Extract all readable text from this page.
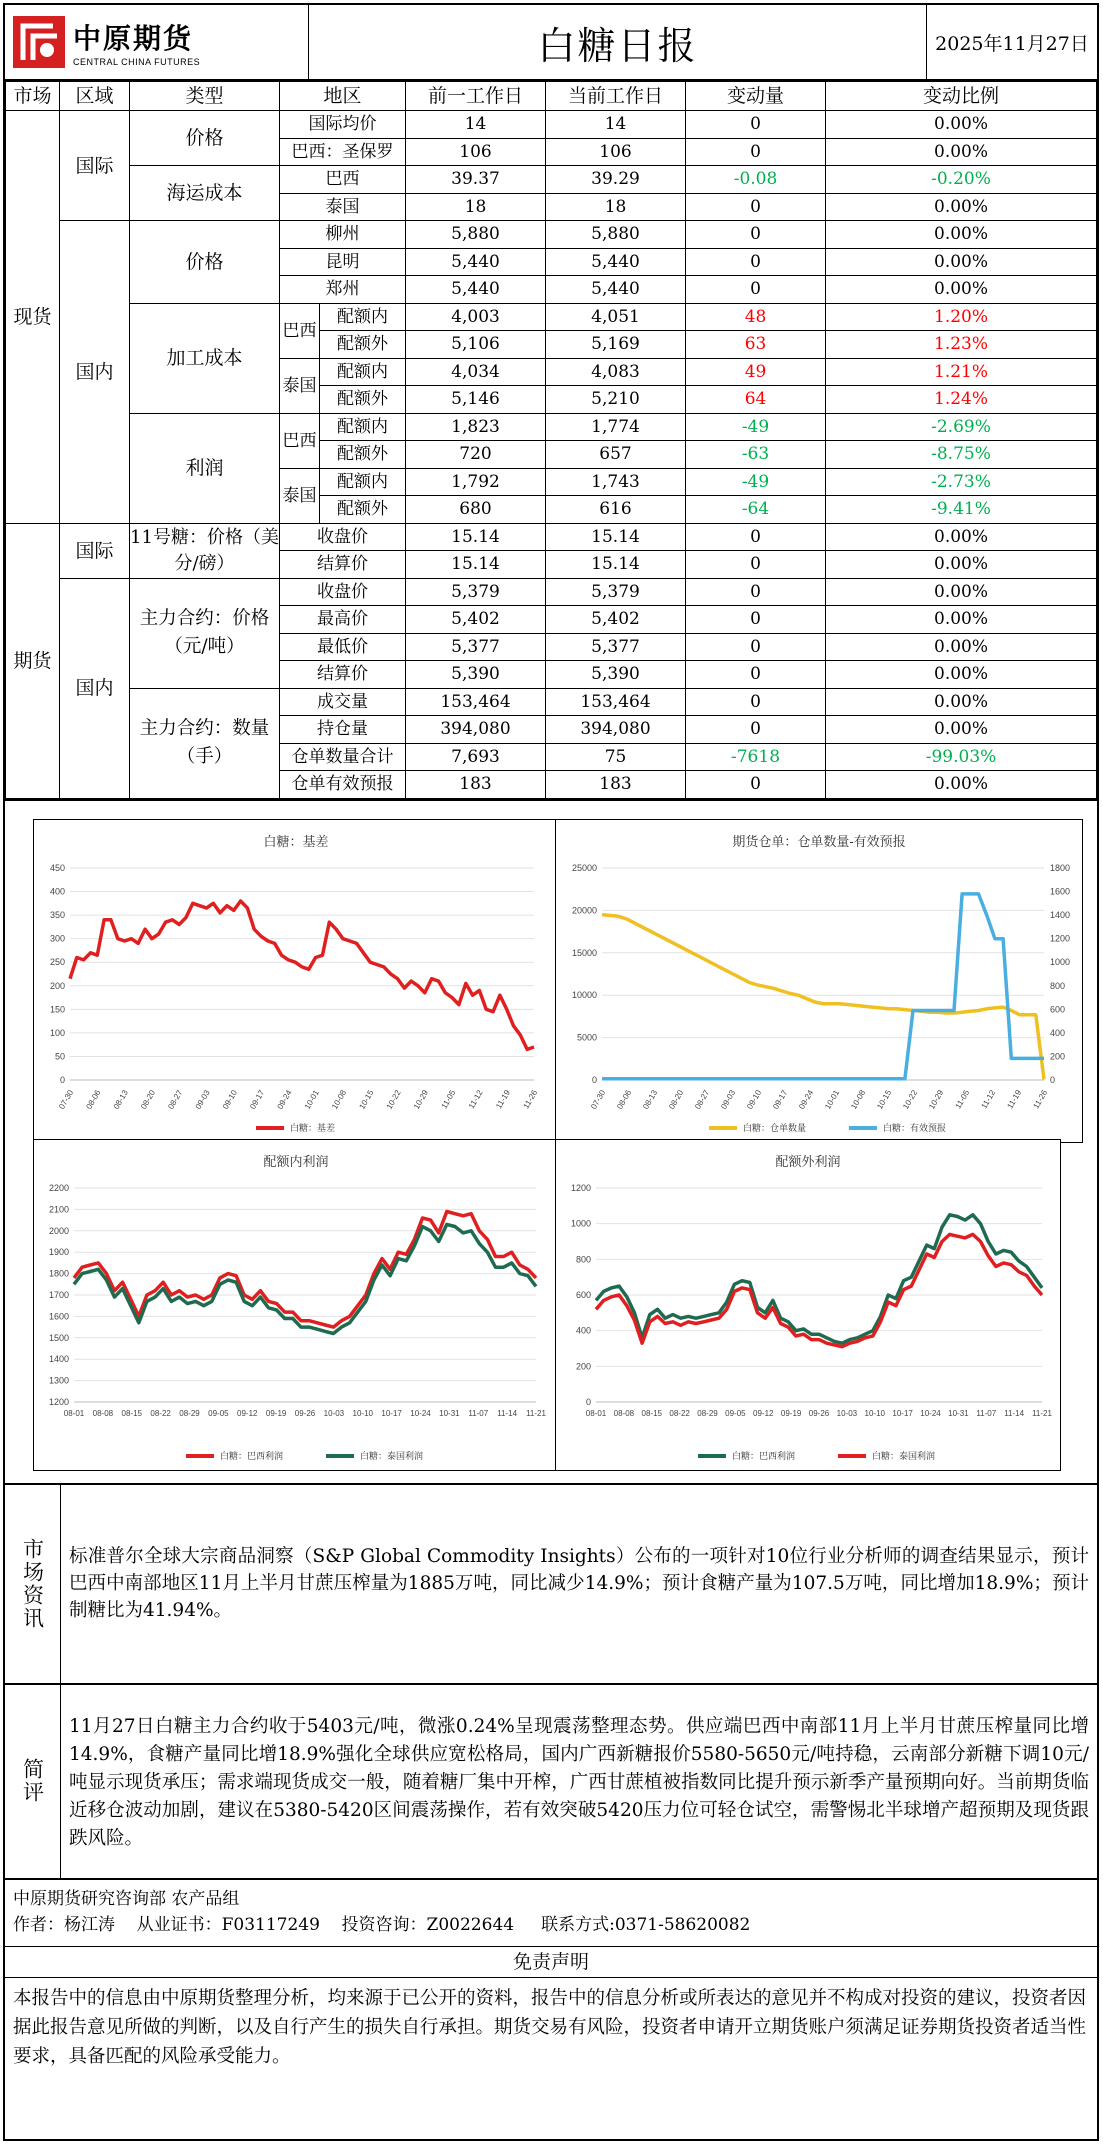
中原期货
CENTRAL CHINA FUTURES	白糖日报	2025年11月27日
市场	区域	类型	地区		前一工作日	当前工作日	变动量	变动比例
现货	国际	价格	国际均价		14	14	0	0.00%
			巴西：圣保罗		106	106	0	0.00%
		海运成本	巴西		39.37	39.29	-0.08	-0.20%
			泰国		18	18	0	0.00%
	国内	价格	柳州		5,880	5,880	0	0.00%
			昆明		5,440	5,440	0	0.00%
			郑州		5,440	5,440	0	0.00%
		加工成本	巴西	配额内	4,003	4,051	48	1.20%
				配额外	5,106	5,169	63	1.23%
			泰国	配额内	4,034	4,083	49	1.21%
				配额外	5,146	5,210	64	1.24%
		利润	巴西	配额内	1,823	1,774	-49	-2.69%
				配额外	720	657	-63	-8.75%
			泰国	配额内	1,792	1,743	-49	-2.73%
				配额外	680	616	-64	-9.41%
期货	国际	11号糖：价格（美分/磅）	收盘价		15.14	15.14	0	0.00%
			结算价		15.14	15.14	0	0.00%
	国内	主力合约：价格（元/吨）	收盘价		5,379	5,379	0	0.00%
			最高价		5,402	5,402	0	0.00%
			最低价		5,377	5,377	0	0.00%
			结算价		5,390	5,390	0	0.00%
		主力合约：数量（手）	成交量		153,464	153,464	0	0.00%
			持仓量		394,080	394,080	0	0.00%
			仓单数量合计		7,693	75	-7618	-99.03%
			仓单有效预报		183	183	0	0.00%
白糖：基差
0
50
100
150
200
250
300
350
400
450
07-30 08-06 08-13 08-20 08-27 09-03 09-10 09-17 09-24 10-01 10-08 10-15 10-22 10-29 11-05 11-12 11-19 11-26
白糖：基差
期货仓单：仓单数量-有效预报
0
5000
10000
15000
20000
25000
0
200
400
600
800
1000
1200
1400
1600
1800
07-30 08-06 08-13 08-20 08-27 09-03 09-10 09-17 09-24 10-01 10-08 10-15 10-22 10-29 11-05 11-12 11-19 11-26
白糖：仓单数量	白糖：有效预报
配额内利润
1200
1300
1400
1500
1600
1700
1800
1900
2000
2100
2200
08-01 08-08 08-15 08-22 08-29 09-05 09-12 09-19 09-26 10-03 10-10 10-17 10-24 10-31 11-07 11-14 11-21
白糖：巴西利润	白糖：泰国利润
配额外利润
0
200
400
600
800
1000
1200
08-01 08-08 08-15 08-22 08-29 09-05 09-12 09-19 09-26 10-03 10-10 10-17 10-24 10-31 11-07 11-14 11-21
白糖：巴西利润	白糖：泰国利润
市场资讯	标准普尔全球大宗商品洞察（S&P Global Commodity Insights）公布的一项针对10位行业分析师的调查结果显示，预计巴西中南部地区11月上半月甘蔗压榨量为1885万吨，同比减少14.9%；预计食糖产量为107.5万吨，同比增加18.9%；预计制糖比为41.94%。
简评
11月27日白糖主力合约收于5403元/吨，微涨0.24%呈现震荡整理态势。供应端巴西中南部11月上半月甘蔗压榨量同比增14.9%，食糖产量同比增18.9%强化全球供应宽松格局，国内广西新糖报价5580-5650元/吨持稳，云南部分新糖下调10元/吨显示现货承压；需求端现货成交一般，随着糖厂集中开榨，广西甘蔗植被指数同比提升预示新季产量预期向好。当前期货临近移仓波动加剧，建议在5380-5420区间震荡操作，若有效突破5420压力位可轻仓试空，需警惕北半球增产超预期及现货跟跌风险。
中原期货研究咨询部 农产品组
作者：杨江涛    从业证书：F03117249    投资咨询：Z0022644     联系方式:0371-58620082
免责声明
本报告中的信息由中原期货整理分析，均来源于已公开的资料，报告中的信息分析或所表达的意见并不构成对投资的建议，投资者因据此报告意见所做的判断，以及自行产生的损失自行承担。期货交易有风险，投资者申请开立期货账户须满足证券期货投资者适当性要求，具备匹配的风险承受能力。
